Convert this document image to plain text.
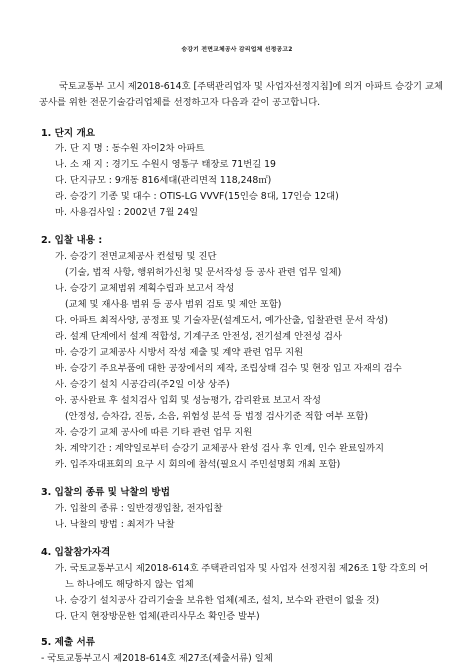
승강기 전면교체공사 감리업체 선정공고2
국토교통부 고시 제2018-614호 [주택관리업자 및 사업자선정지침]에 의거 아파트 승강기 교체
공사를 위한 전문기술감리업체를 선정하고자 다음과 같이 공고합니다.
1. 단지 개요
가. 단 지 명 : 동수원 자이2차 아파트
나. 소 재 지 : 경기도 수원시 영통구 태장로 71번길 19
다. 단지규모 : 9개동 816세대(관리면적 118,248㎡)
라. 승강기 기종 및 대수 : OTIS-LG VVVF(15인승 8대, 17인승 12대)
마. 사용검사일 : 2002년 7월 24일
2. 입찰 내용 :
가. 승강기 전면교체공사 컨설팅 및 진단
(기술, 법적 사항, 행위허가신청 및 문서작성 등 공사 관련 업무 일체)
나. 승강기 교체범위 계획수립과 보고서 작성
(교체 및 재사용 범위 등 공사 범위 검토 및 제안 포함)
다. 아파트 최적사양, 공정표 및 기술자문(설계도서, 예가산출, 입찰관련 문서 작성)
라. 설계 단계에서 설계 적합성, 기계구조 안전성, 전기설계 안전성 검사
마. 승강기 교체공사 시방서 작성 제출 및 계약 관련 업무 지원
바. 승강기 주요부품에 대한 공장에서의 제작, 조립상태 검수 및 현장 입고 자재의 검수
사. 승강기 설치 시공감리(주2일 이상 상주)
아. 공사완료 후 설치검사 입회 및 성능평가, 감리완료 보고서 작성
(안정성, 승차감, 진동, 소음, 위험성 분석 등 법정 검사기준 적합 여부 포함)
자. 승강기 교체 공사에 따른 기타 관련 업무 지원
차. 계약기간 : 계약일로부터 승강기 교체공사 완성 검사 후 인계, 인수 완료일까지
카. 입주자대표회의 요구 시 회의에 참석(필요시 주민설명회 개최 포함)
3. 입찰의 종류 및 낙찰의 방법
가. 입찰의 종류 : 일반경쟁입찰, 전자입찰
나. 낙찰의 방법 : 최저가 낙찰
4. 입찰참가자격
가. 국토교통부고시 제2018-614호 주택관리업자 및 사업자 선정지침 제26조 1항 각호의 어
느 하나에도 해당하지 않는 업체
나. 승강기 설치공사 감리기술을 보유한 업체(제조, 설치, 보수와 관련이 없을 것)
다. 단지 현장방문한 업체(관리사무소 확인증 발부)
5. 제출 서류
- 국토교통부고시 제2018-614호 제27조(제출서류) 일체
